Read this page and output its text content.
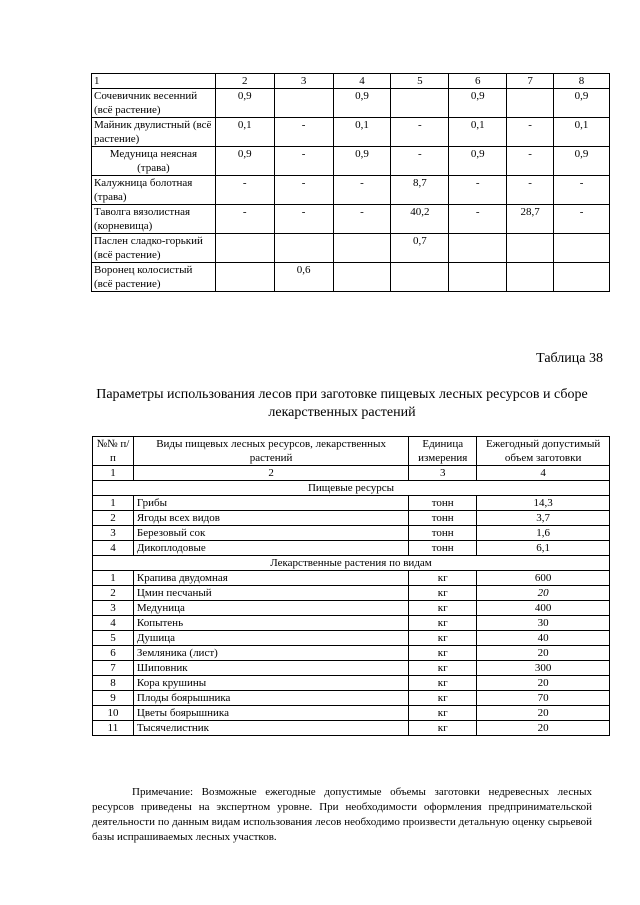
1	2	3	4	5	6	7	8
Сочевичник весенний (всё растение)	0,9		0,9		0,9		0,9
Майник двулистный (всё растение)	0,1	-	0,1	-	0,1	-	0,1
Медуница неясная (трава)	0,9	-	0,9	-	0,9	-	0,9
Калужница болотная (трава)	-	-	-	8,7	-	-	-
Таволга вязолистная (корневища)	-	-	-	40,2	-	28,7	-
Паслен сладко-горький (всё растение)				0,7			
Воронец колосистый (всё растение)		0,6					
Таблица 38
Параметры использования лесов при заготовке пищевых лесных ресурсов и сборе лекарственных растений
№№ п/п	Виды пищевых лесных ресурсов, лекарственных растений	Единица измерения	Ежегодный допустимый объем заготовки
1	2	3	4
Пищевые ресурсы			
1	Грибы	тонн	14,3
2	Ягоды всех видов	тонн	3,7
3	Березовый сок	тонн	1,6
4	Дикоплодовые	тонн	6,1
Лекарственные растения по видам			
1	Крапива двудомная	кг	600
2	Цмин песчаный	кг	20
3	Медуница	кг	400
4	Копытень	кг	30
5	Душица	кг	40
6	Земляника (лист)	кг	20
7	Шиповник	кг	300
8	Кора крушины	кг	20
9	Плоды боярышника	кг	70
10	Цветы боярышника	кг	20
11	Тысячелистник	кг	20
Примечание: Возможные ежегодные допустимые объемы заготовки недревесных лесных ресурсов приведены на экспертном уровне. При необходимости оформления предпринимательской деятельности по данным видам использования лесов необходимо произвести детальную оценку сырьевой базы испрашиваемых лесных участков.
